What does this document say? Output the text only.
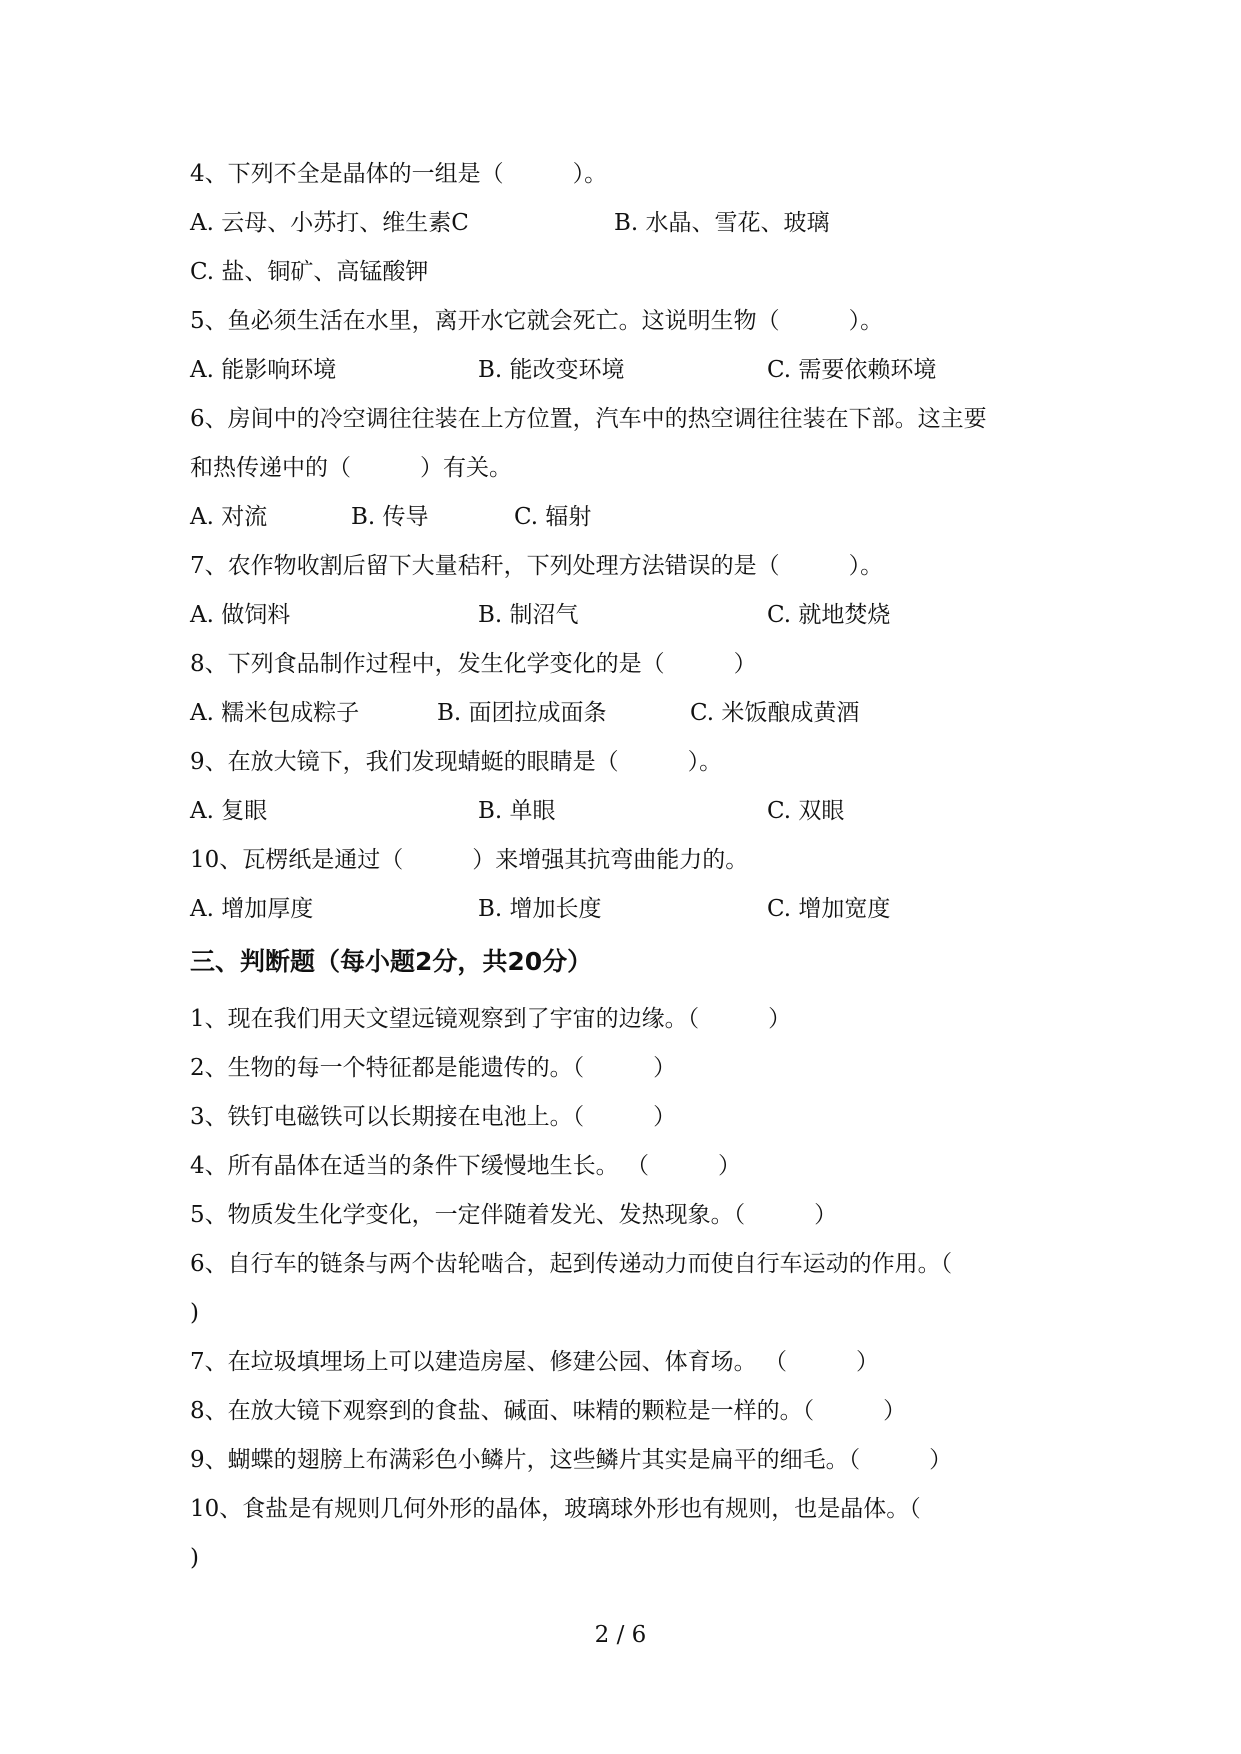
4、下列不全是晶体的一组是（　　　）。
A. 云母、小苏打、维生素C	B. 水晶、雪花、玻璃
C. 盐、铜矿、高锰酸钾
5、鱼必须生活在水里，离开水它就会死亡。这说明生物（　　　）。
A. 能影响环境	B. 能改变环境	C. 需要依赖环境
6、房间中的冷空调往往装在上方位置，汽车中的热空调往往装在下部。这主要
和热传递中的（　　　）有关。
A. 对流	B. 传导	C. 辐射
7、农作物收割后留下大量秸秆，下列处理方法错误的是（　　　）。
A. 做饲料	B. 制沼气	C. 就地焚烧
8、下列食品制作过程中，发生化学变化的是（　　　）
A. 糯米包成粽子	B. 面团拉成面条	C. 米饭酿成黄酒
9、在放大镜下，我们发现蜻蜓的眼睛是（　　　）。
A. 复眼	B. 单眼	C. 双眼
10、瓦楞纸是通过（　　　）来增强其抗弯曲能力的。
A. 增加厚度	B. 增加长度	C. 增加宽度
三、判断题（每小题2分，共20分）
1、现在我们用天文望远镜观察到了宇宙的边缘。（　　　）
2、生物的每一个特征都是能遗传的。（　　　）
3、铁钉电磁铁可以长期接在电池上。（　　　）
4、所有晶体在适当的条件下缓慢地生长。 （　　　）
5、物质发生化学变化，一定伴随着发光、发热现象。（　　　）
6、自行车的链条与两个齿轮啮合，起到传递动力而使自行车运动的作用。（
)
7、在垃圾填埋场上可以建造房屋、修建公园、体育场。 （　　　）
8、在放大镜下观察到的食盐、碱面、味精的颗粒是一样的。（　　　）
9、蝴蝶的翅膀上布满彩色小鳞片，这些鳞片其实是扁平的细毛。（　　　）
10、食盐是有规则几何外形的晶体，玻璃球外形也有规则，也是晶体。（
)
2 / 6
